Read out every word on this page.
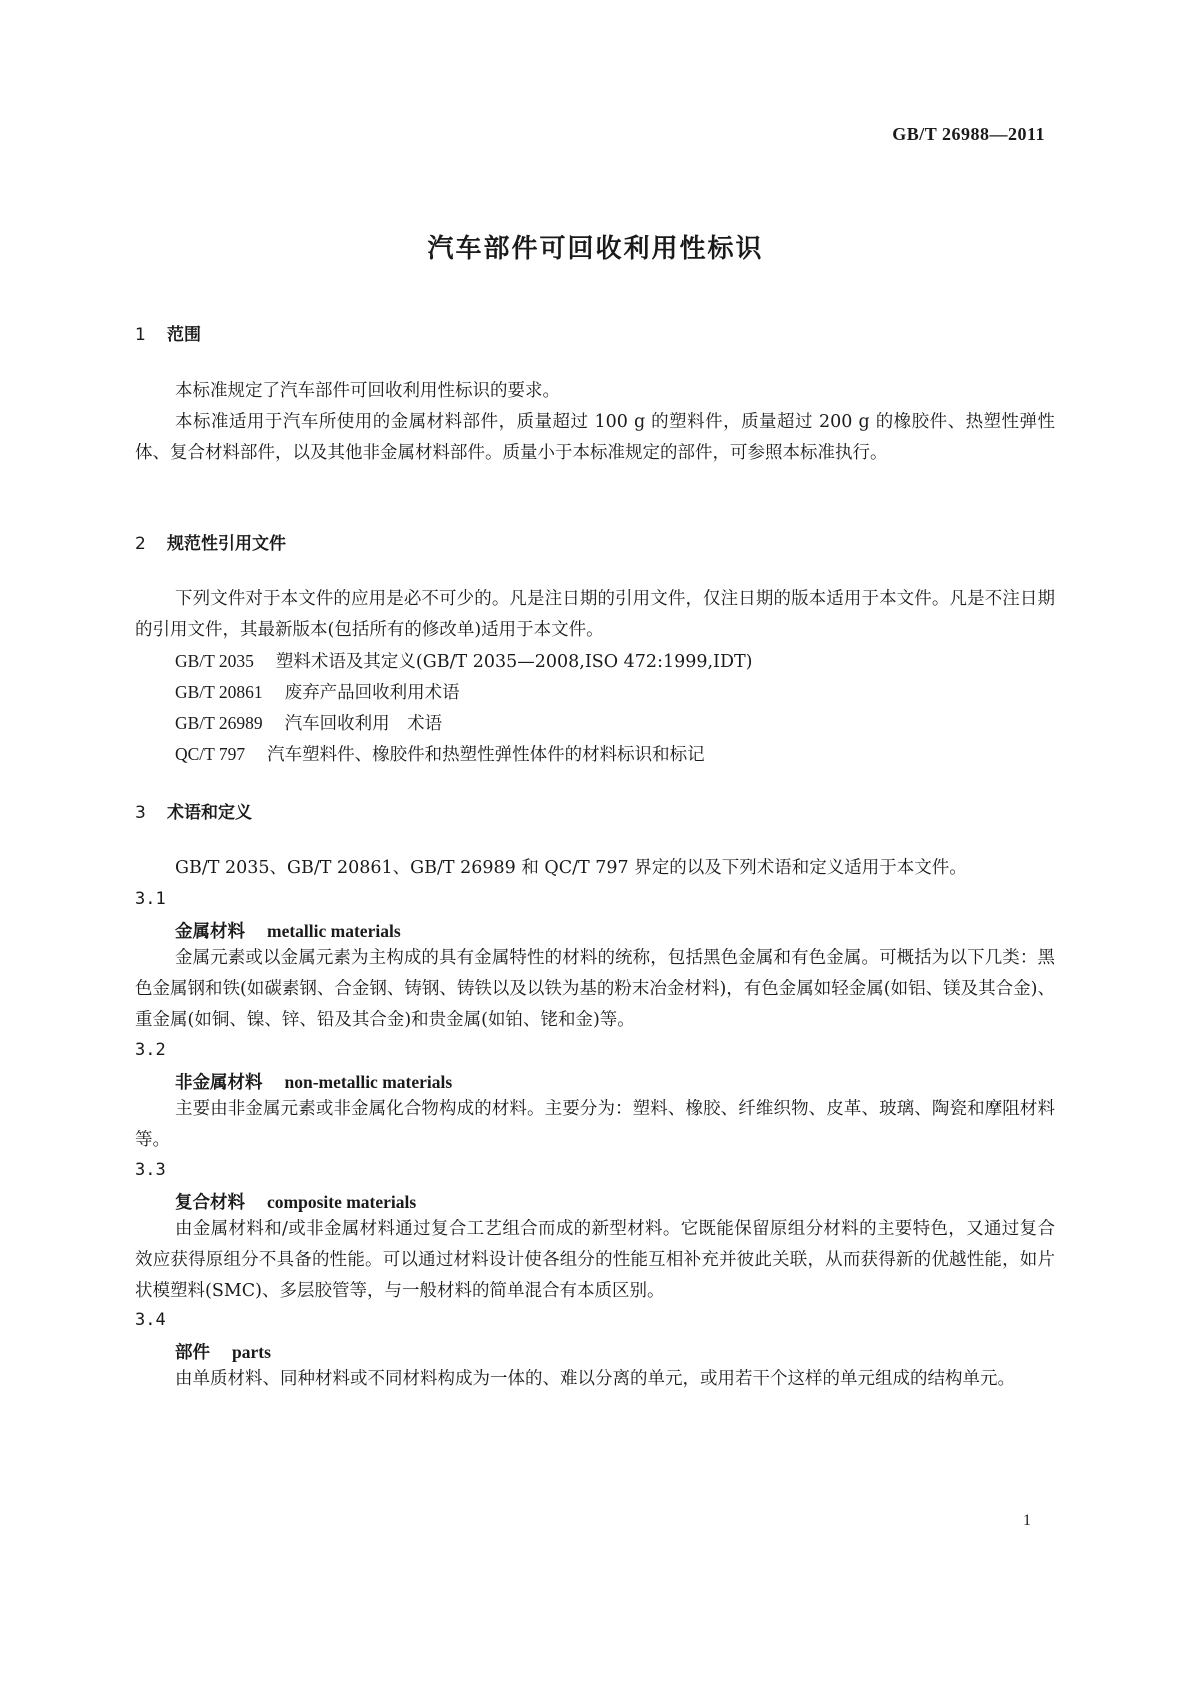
GB/T 26988—2011

汽车部件可回收利用性标识
1 范围

本标准规定了汽车部件可回收利用性标识的要求。

本标准适用于汽车所使用的金属材料部件，质量超过 100 g 的塑料件，质量超过 200 g 的橡胶件、热塑性弹性体、复合材料部件，以及其他非金属材料部件。质量小于本标准规定的部件，可参照本标准执行。

2 规范性引用文件

下列文件对于本文件的应用是必不可少的。凡是注日期的引用文件，仅注日期的版本适用于本文件。凡是不注日期的引用文件，其最新版本(包括所有的修改单)适用于本文件。

GB/T 2035 塑料术语及其定义(GB/T 2035—2008,ISO 472:1999,IDT)

GB/T 20861 废弃产品回收利用术语

GB/T 26989 汽车回收利用　术语

QC/T 797 汽车塑料件、橡胶件和热塑性弹性体件的材料标识和标记

3 术语和定义

GB/T 2035、GB/T 20861、GB/T 26989 和 QC/T 797 界定的以及下列术语和定义适用于本文件。

3.1

金属材料 metallic materials

金属元素或以金属元素为主构成的具有金属特性的材料的统称，包括黑色金属和有色金属。可概括为以下几类：黑色金属钢和铁(如碳素钢、合金钢、铸钢、铸铁以及以铁为基的粉末冶金材料)，有色金属如轻金属(如铝、镁及其合金)、重金属(如铜、镍、锌、铅及其合金)和贵金属(如铂、铑和金)等。

3.2

非金属材料 non-metallic materials

主要由非金属元素或非金属化合物构成的材料。主要分为：塑料、橡胶、纤维织物、皮革、玻璃、陶瓷和摩阻材料等。

3.3

复合材料 composite materials

由金属材料和/或非金属材料通过复合工艺组合而成的新型材料。它既能保留原组分材料的主要特色，又通过复合效应获得原组分不具备的性能。可以通过材料设计使各组分的性能互相补充并彼此关联，从而获得新的优越性能，如片状模塑料(SMC)、多层胶管等，与一般材料的简单混合有本质区别。

3.4

部件 parts

由单质材料、同种材料或不同材料构成为一体的、难以分离的单元，或用若干个这样的单元组成的结构单元。

1
